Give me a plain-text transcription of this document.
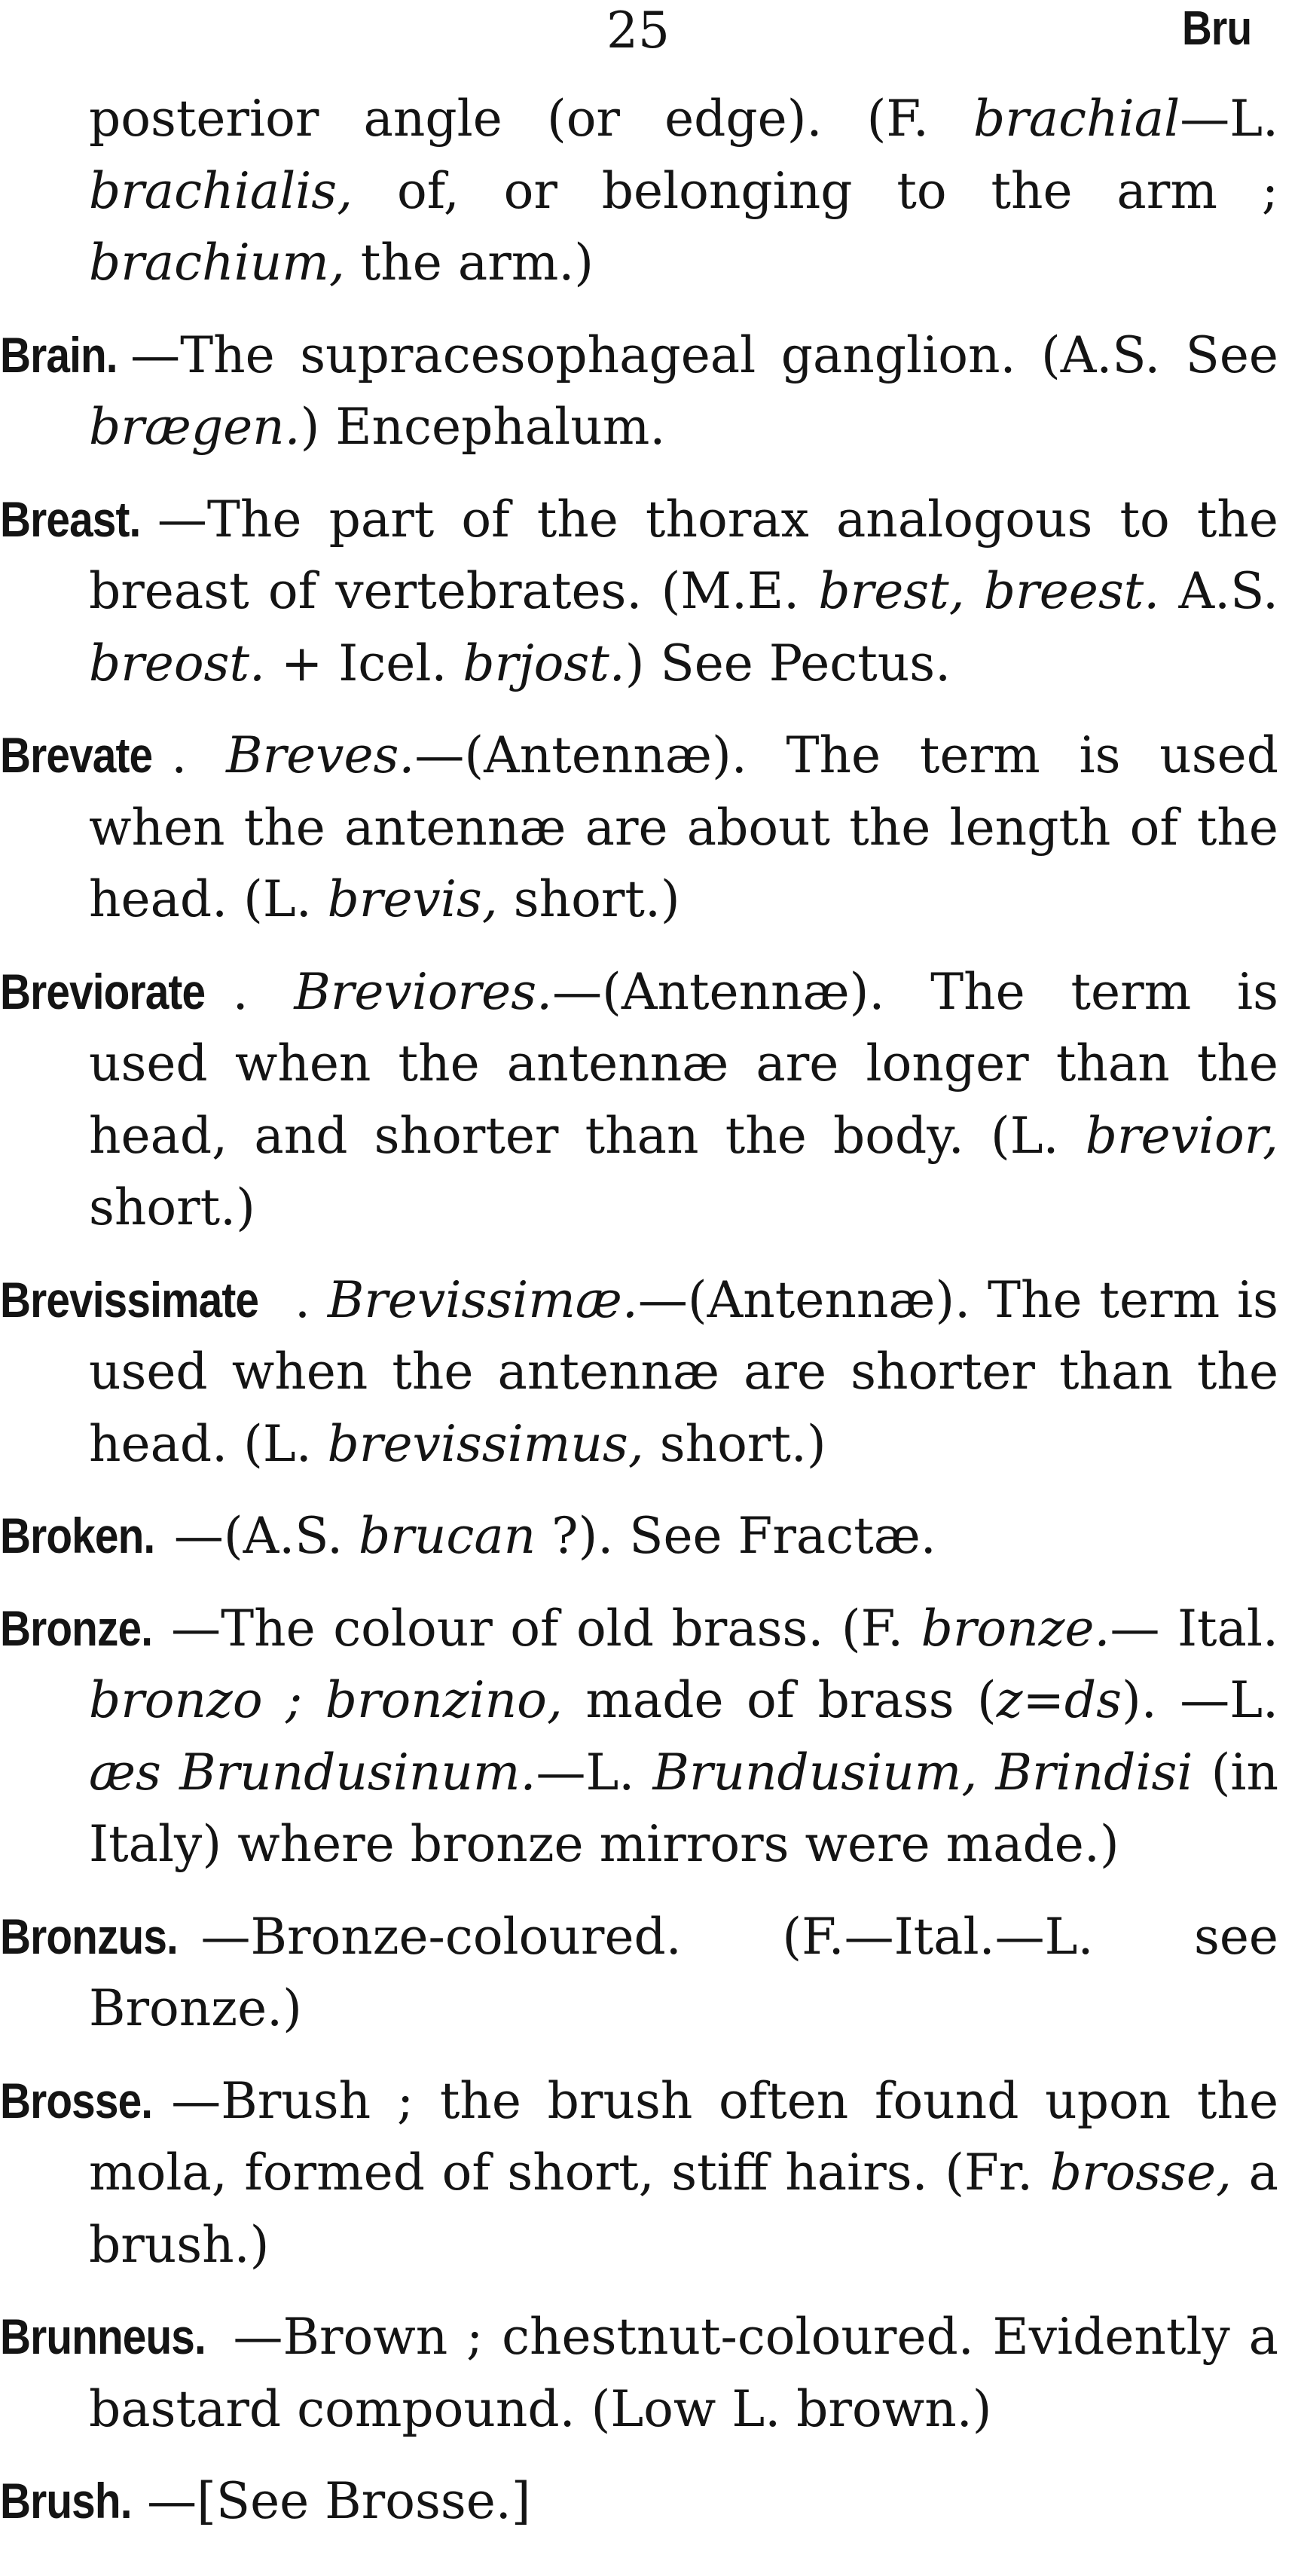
25	Bru

posterior angle (or edge). (F. brachial—L. brachialis, of, or belonging to the arm ; brachium, the arm.)

Brain. —The supracesophageal ganglion. (A.S. See brægen.) Encephalum.

Breast. —The part of the thorax analogous to the breast of vertebrates. (M.E. brest, breest. A.S. breost. + Icel. brjost.) See Pectus.

Brevate . Breves.—(Antennæ). The term is used when the antennæ are about the length of the head. (L. brevis, short.)

Breviorate . Breviores.—(Antennæ). The term is used when the antennæ are longer than the head, and shorter than the body. (L. brevior, short.)

Brevissimate . Brevissimæ.—(Antennæ). The term is used when the antennæ are shorter than the head. (L. brevissimus, short.)

Broken. —(A.S. brucan ?). See Fractæ.

Bronze. —The colour of old brass. (F. bronze.— Ital. bronzo ; bronzino, made of brass (z=ds). —L. æs Brundusinum.—L. Brundusium, Brindisi (in Italy) where bronze mirrors were made.)

Bronzus. —Bronze-coloured. (F.—Ital.—L. see Bronze.)

Brosse. —Brush ; the brush often found upon the mola, formed of short, stiff hairs. (Fr. brosse, a brush.)

Brunneus. —Brown ; chestnut-coloured. Evidently a bastard compound. (Low L. brown.)

Brush. —[See Brosse.]
